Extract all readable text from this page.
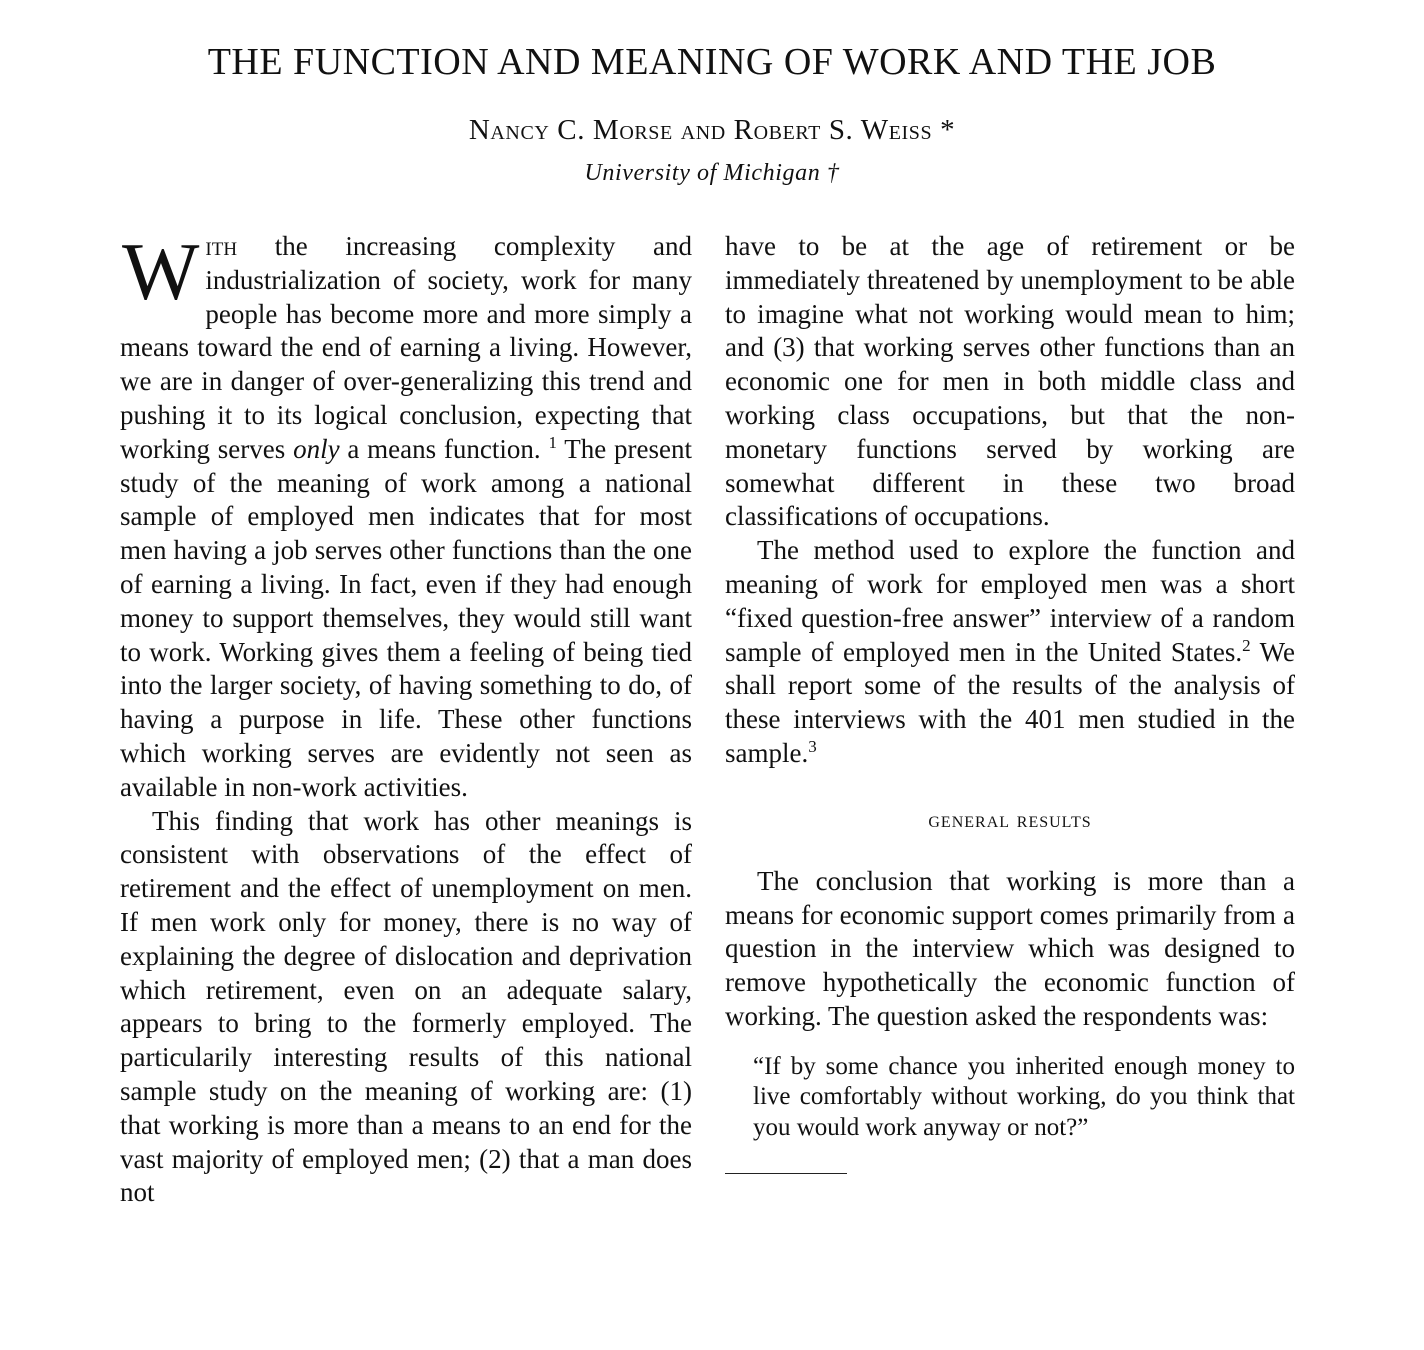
THE FUNCTION AND MEANING OF WORK AND THE JOB
Nancy C. Morse and Robert S. Weiss *
University of Michigan †

With the increasing complexity and industrialization of society, work for many people has become more and more simply a means toward the end of earning a living. However, we are in danger of over-generalizing this trend and pushing it to its logical conclusion, expecting that working serves only a means function. $^1$ The present study of the meaning of work among a national sample of employed men indicates that for most men having a job serves other functions than the one of earning a living. In fact, even if they had enough money to support themselves, they would still want to work. Working gives them a feeling of being tied into the larger society, of having something to do, of having a purpose in life. These other functions which working serves are evidently not seen as available in non-work activities.

This finding that work has other meanings is consistent with observations of the effect of retirement and the effect of unemployment on men. If men work only for money, there is no way of explaining the degree of dislocation and deprivation which retirement, even on an adequate salary, appears to bring to the formerly employed. The particularily interesting results of this national sample study on the meaning of working are: (1) that working is more than a means to an end for the vast majority of employed men; (2) that a man does not

have to be at the age of retirement or be immediately threatened by unemployment to be able to imagine what not working would mean to him; and (3) that working serves other functions than an economic one for men in both middle class and working class occupations, but that the non-monetary functions served by working are somewhat different in these two broad classifications of occupations.

The method used to explore the function and meaning of work for employed men was a short “fixed question-free answer” interview of a random sample of employed men in the United States.$^2$ We shall report some of the results of the analysis of these interviews with the 401 men studied in the sample.$^3$

general results

The conclusion that working is more than a means for economic support comes primarily from a question in the interview which was designed to remove hypothetically the economic function of working. The question asked the respondents was:

“If by some chance you inherited enough money to live comfortably without working, do you think that you would work anyway or not?”
